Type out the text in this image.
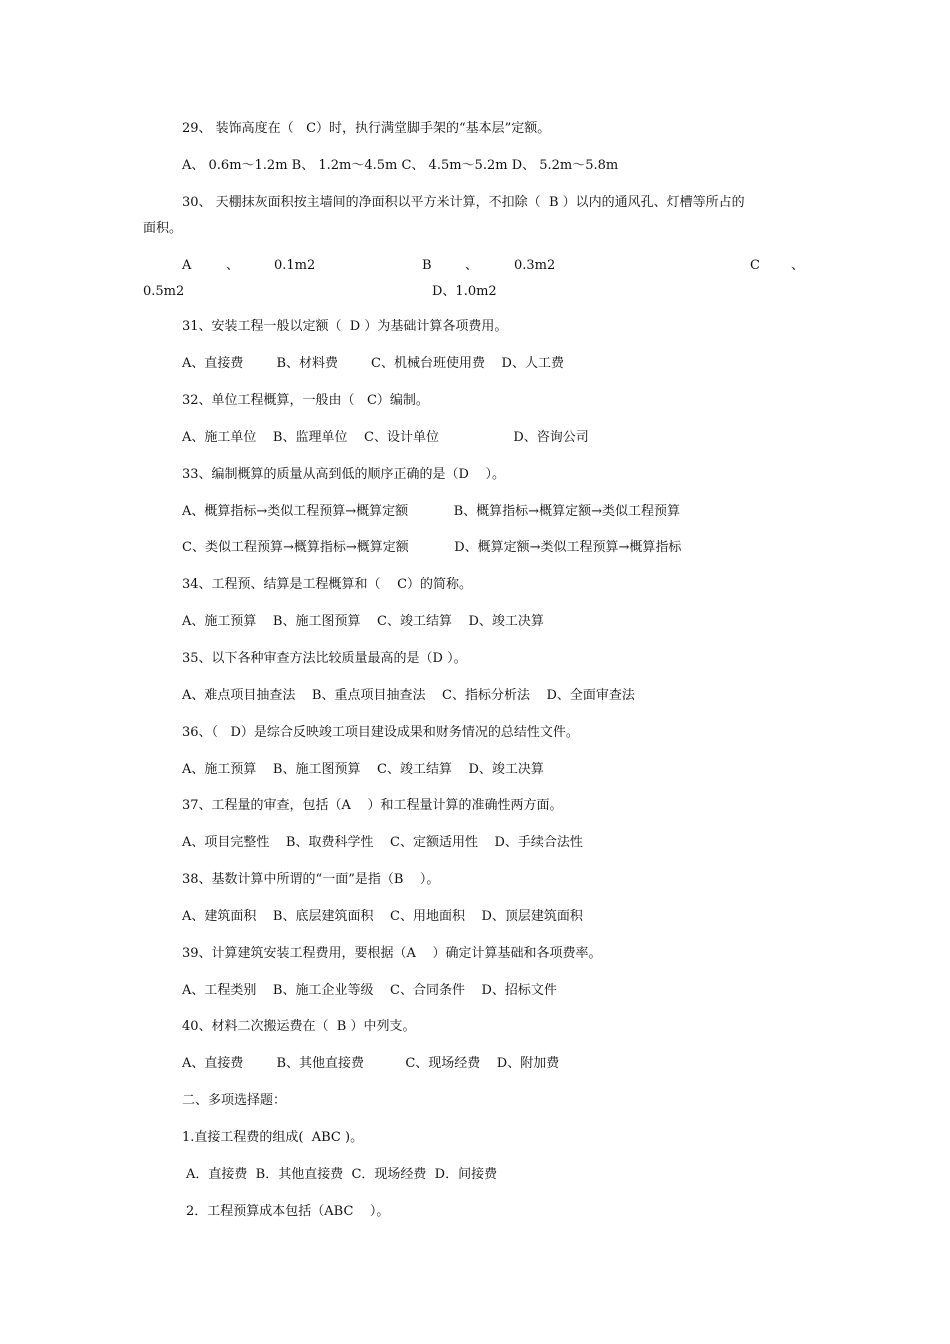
29、 装饰高度在（   C）时，执行满堂脚手架的“基本层”定额。
A、 0.6m～1.2m B、 1.2m～4.5m C、 4.5m～5.2m D、 5.2m～5.8m
30、 天棚抹灰面积按主墙间的净面积以平方米计算，不扣除（  B ）以内的通风孔、灯槽等所占的
面积。
A	、	0.1m2	B	、	0.3m2	C 、
0.5m2	D、1.0m2
31、安装工程一般以定额（  D ）为基础计算各项费用。
A、直接费        B、材料费        C、机械台班使用费    D、人工费
32、单位工程概算，一般由（   C）编制。
A、施工单位    B、监理单位    C、设计单位                  D、咨询公司
33、编制概算的质量从高到低的顺序正确的是（D    ）。
A、概算指标→类似工程预算→概算定额           B、概算指标→概算定额→类似工程预算
C、类似工程预算→概算指标→概算定额           D、概算定额→类似工程预算→概算指标
34、工程预、结算是工程概算和（    C）的简称。
A、施工预算    B、施工图预算    C、竣工结算    D、竣工决算
35、以下各种审查方法比较质量最高的是（D ）。
A、难点项目抽查法    B、重点项目抽查法    C、指标分析法    D、全面审查法
36、（   D）是综合反映竣工项目建设成果和财务情况的总结性文件。
A、施工预算    B、施工图预算    C、竣工结算    D、竣工决算
37、工程量的审查，包括（A    ）和工程量计算的准确性两方面。
A、项目完整性    B、取费科学性    C、定额适用性    D、手续合法性
38、基数计算中所谓的“一面”是指（B    ）。
A、建筑面积    B、底层建筑面积    C、用地面积    D、顶层建筑面积
39、计算建筑安装工程费用，要根据（A    ）确定计算基础和各项费率。
A、工程类别    B、施工企业等级    C、合同条件    D、招标文件
40、材料二次搬运费在（  B ）中列支。
A、直接费        B、其他直接费          C、现场经费    D、附加费
二、多项选择题：
1.直接工程费的组成(  ABC )。
A．直接费  B．其他直接费  C．现场经费  D．间接费
2．工程预算成本包括（ABC    ）。
